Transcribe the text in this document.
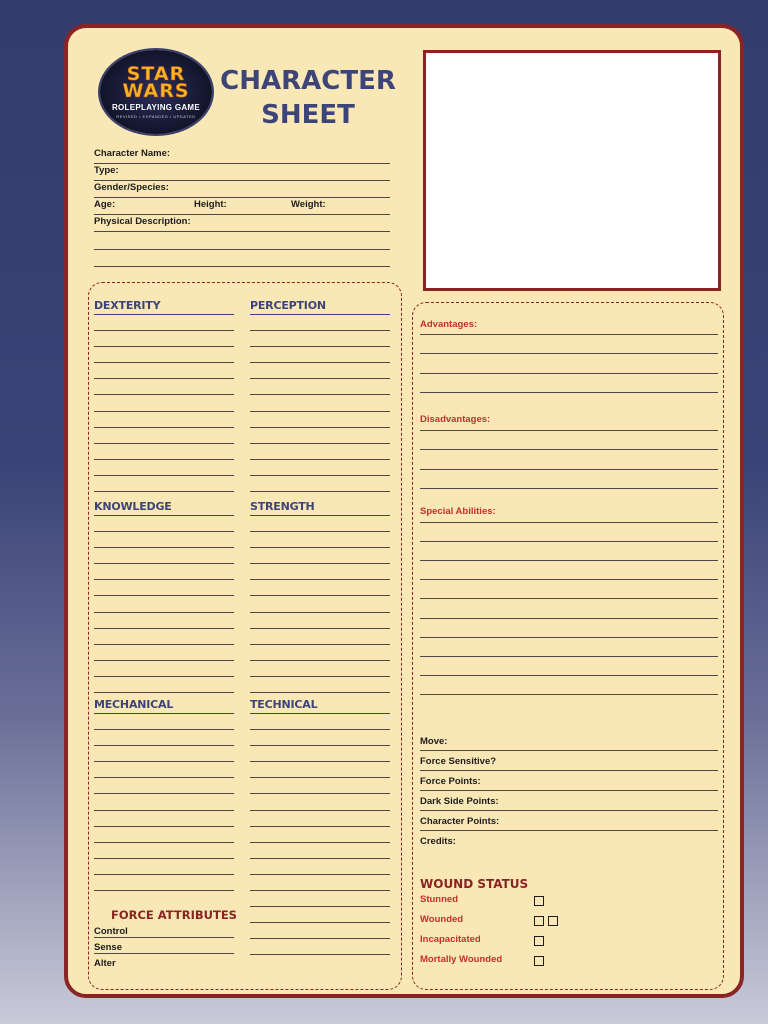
STAR
WARS
ROLEPLAYING GAME
REVISED • EXPANDED • UPDATED
CHARACTER
SHEET
Character Name:
Type:
Gender/Species:
Age:	Height:	Weight:
Physical Description:
DEXTERITY	PERCEPTION
KNOWLEDGE	STRENGTH
MECHANICAL	TECHNICAL
FORCE ATTRIBUTES
Control
Sense
Alter
Advantages:
Disadvantages:
Special Abilities:
Move:
Force Sensitive?
Force Points:
Dark Side Points:
Character Points:
Credits:
WOUND STATUS
Stunned
Wounded
Incapacitated
Mortally Wounded
